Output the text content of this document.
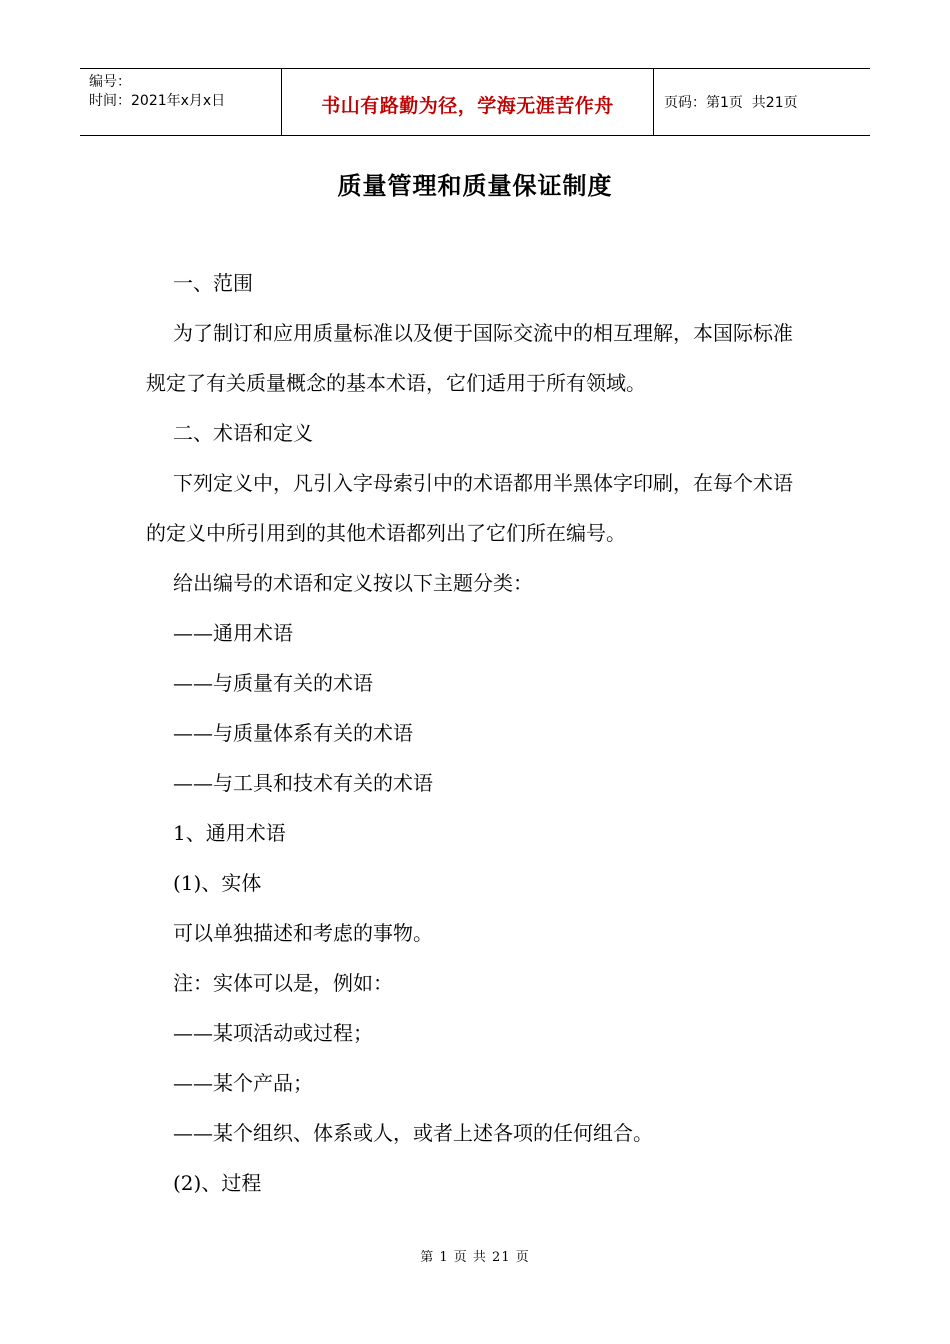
编号：
时间：2021年x月x日	书山有路勤为径，学海无涯苦作舟	页码：第1页  共21页
质量管理和质量保证制度

一、范围

为了制订和应用质量标准以及便于国际交流中的相互理解，本国际标准规定了有关质量概念的基本术语，它们适用于所有领域。

二、术语和定义

下列定义中，凡引入字母索引中的术语都用半黑体字印刷，在每个术语的定义中所引用到的其他术语都列出了它们所在编号。

给出编号的术语和定义按以下主题分类：

——通用术语

——与质量有关的术语

——与质量体系有关的术语

——与工具和技术有关的术语

1、通用术语

(1)、实体

可以单独描述和考虑的事物。

注：实体可以是，例如：

——某项活动或过程；

——某个产品；

——某个组织、体系或人，或者上述各项的任何组合。

(2)、过程

第 1 页 共 21 页
